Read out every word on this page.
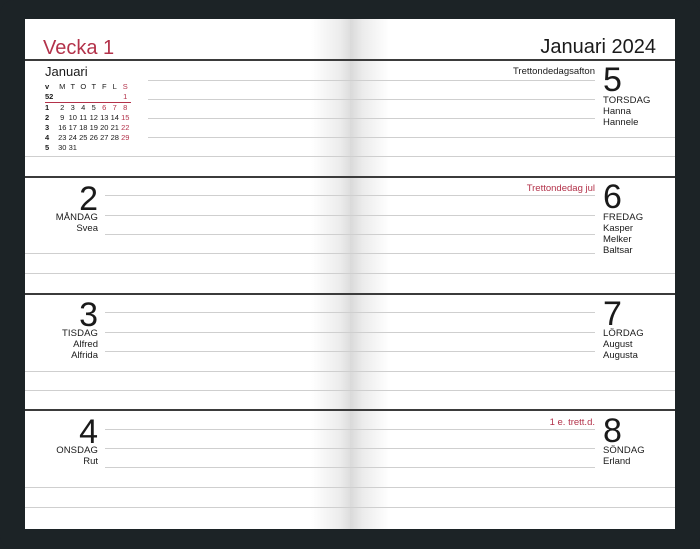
Vecka 1
Januari
v	M	T	O	T	F	L	S
52							1
1	2	3	4	5	6	7	8
2	9	10	11	12	13	14	15
3	16	17	18	19	20	21	22
4	23	24	25	26	27	28	29
5	30	31					
2
MÅNDAG
Svea
3
TISDAG
Alfred
Alfrida
4
ONSDAG
Rut
Januari 2024
Trettondedagsafton 5
TORSDAG
Hanna
Hannele
Trettondedag jul 6
FREDAG
Kasper
Melker
Baltsar
7
LÖRDAG
August
Augusta
1 e. trett.d. 8
SÖNDAG
Erland
